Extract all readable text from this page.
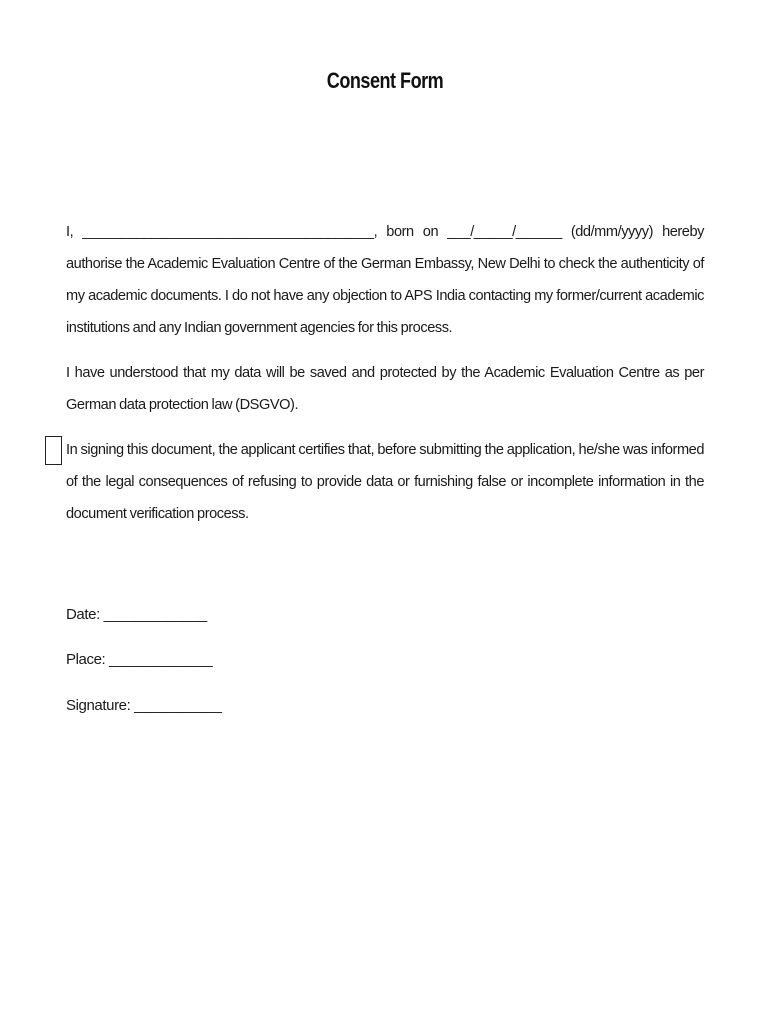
Consent Form
I, ______________________________________, born on ___/_____/______ (dd/mm/yyyy) hereby authorise the Academic Evaluation Centre of the German Embassy, New Delhi to check the authenticity of my academic documents. I do not have any objection to APS India contacting my former/current academic institutions and any Indian government agencies for this process.
I have understood that my data will be saved and protected by the Academic Evaluation Centre as per German data protection law (DSGVO).
In signing this document, the applicant certifies that, before submitting the application, he/she was informed of the legal consequences of refusing to provide data or furnishing false or incomplete information in the document verification process.
Date: _____________
Place: _____________
Signature: ___________
